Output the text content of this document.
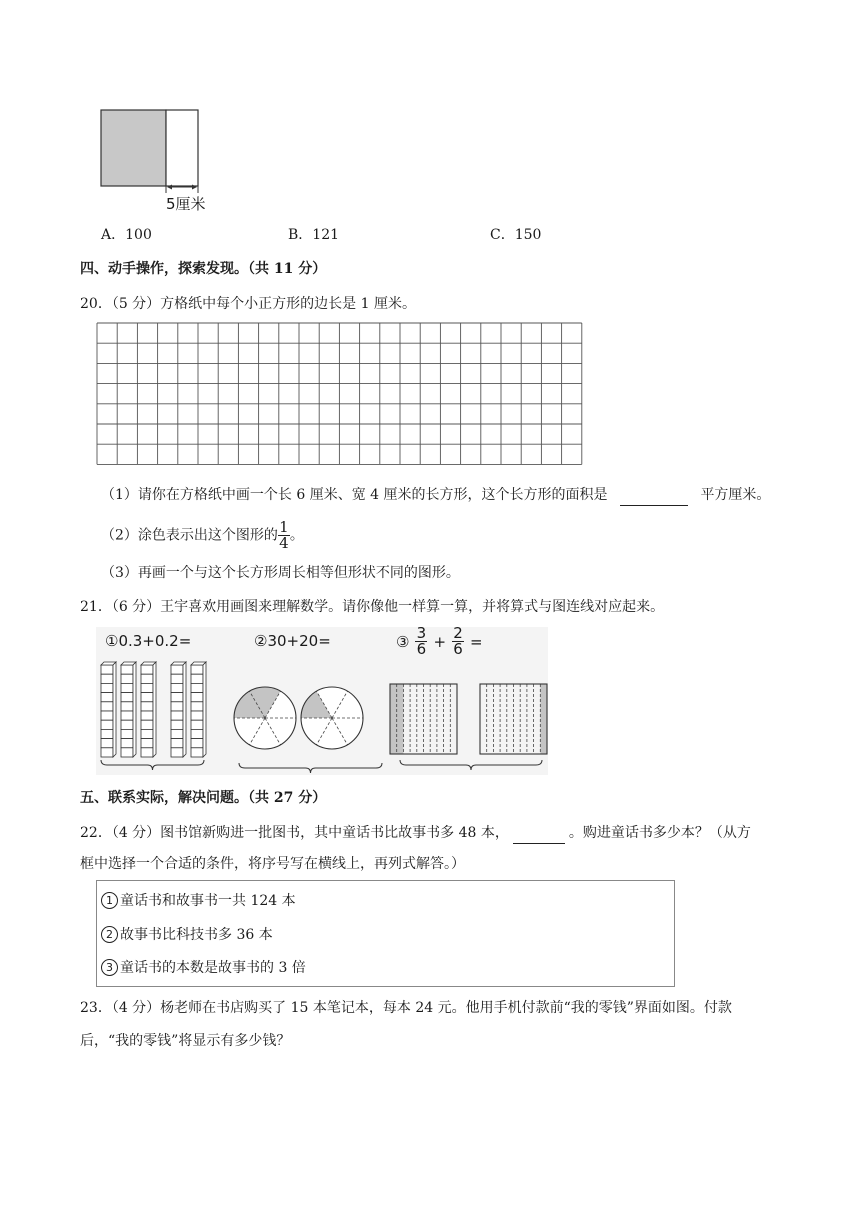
5厘米
A．100	B．121	C．150
四、动手操作，探索发现。（共 11 分）
20．（5 分）方格纸中每个小正方形的边长是 1 厘米。
（1）请你在方格纸中画一个长 6 厘米、宽 4 厘米的长方形，这个长方形的面积是	平方厘米。
（2）涂色表示出这个图形的 $\frac{1}{4}$ 。
（3）再画一个与这个长方形周长相等但形状不同的图形。
21．（6 分）王宇喜欢用画图来理解数学。请你像他一样算一算，并将算式与图连线对应起来。
①0.3+0.2=	②30+20=	③ $\frac{3}{6} + \frac{2}{6}$ =
五、联系实际，解决问题。（共 27 分）
22．（4 分）图书馆新购进一批图书，其中童话书比故事书多 48 本，	。购进童话书多少本？（从方
框中选择一个合适的条件，将序号写在横线上，再列式解答。）
1 童话书和故事书一共 124 本
2 故事书比科技书多 36 本
3 童话书的本数是故事书的 3 倍
23．（4 分）杨老师在书店购买了 15 本笔记本，每本 24 元。他用手机付款前“我的零钱”界面如图。付款
后，“我的零钱”将显示有多少钱？
